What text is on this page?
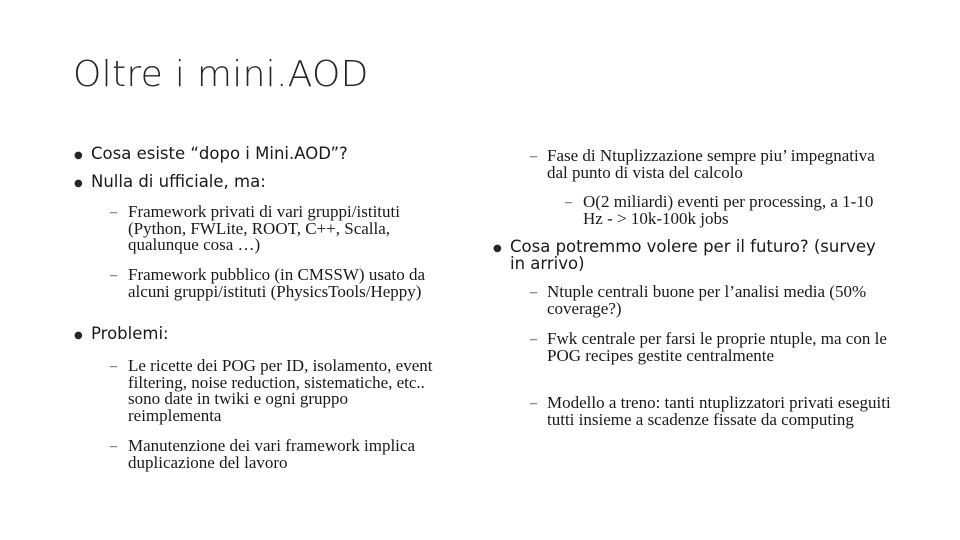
Oltre i mini.AOD
● Cosa esiste “dopo i Mini.AOD”?
● Nulla di ufficiale, ma:
– Framework privati di vari gruppi/istituti (Python, FWLite, ROOT, C++, Scalla, qualunque cosa …)
– Framework pubblico (in CMSSW) usato da alcuni gruppi/istituti (PhysicsTools/Heppy)
● Problemi:
– Le ricette dei POG per ID, isolamento, event filtering, noise reduction, sistematiche, etc.. sono date in twiki e ogni gruppo reimplementa
– Manutenzione dei vari framework implica duplicazione del lavoro
– Fase di Ntuplizzazione sempre piu’ impegnativa dal punto di vista del calcolo
– O(2 miliardi) eventi per processing, a 1-10 Hz - > 10k-100k jobs
● Cosa potremmo volere per il futuro? (survey in arrivo)
– Ntuple centrali buone per l’analisi media (50% coverage?)
– Fwk centrale per farsi le proprie ntuple, ma con le POG recipes gestite centralmente
– Modello a treno: tanti ntuplizzatori privati eseguiti tutti insieme a scadenze fissate da computing
